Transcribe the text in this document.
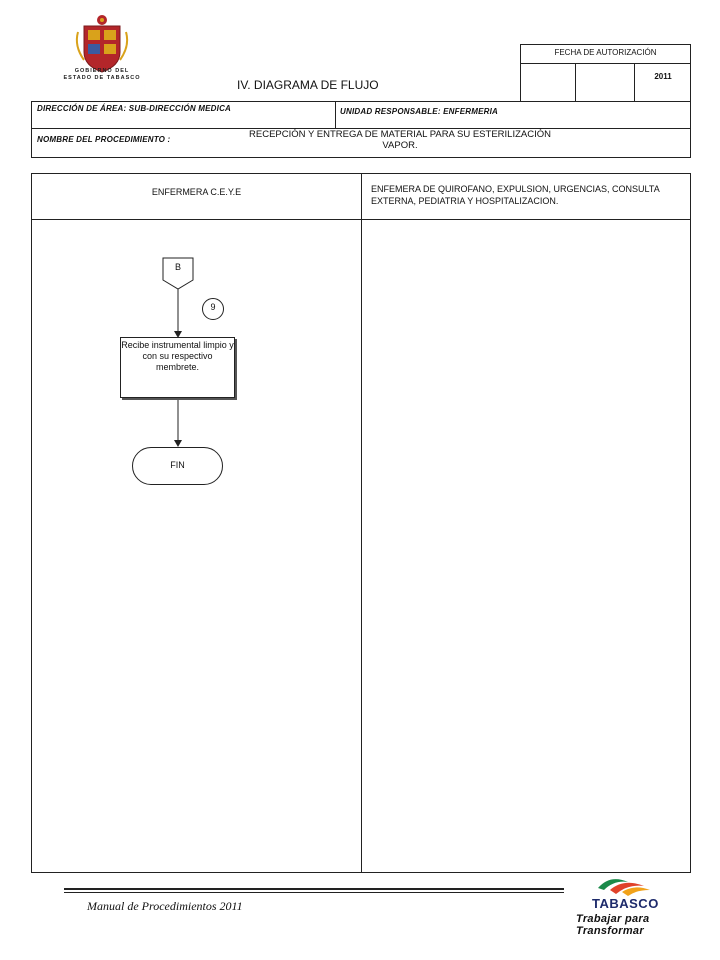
GOBIERNO DEL ESTADO DE TABASCO	IV. DIAGRAMA DE FLUJO
FECHA DE AUTORIZACIÓN
2011
DIRECCIÓN DE ÁREA: SUB-DIRECCIÓN MEDICA	UNIDAD RESPONSABLE: ENFERMERIA
NOMBRE DEL PROCEDIMIENTO :	RECEPCIÓN Y ENTREGA DE MATERIAL PARA SU ESTERILIZACIÓN VAPOR.
ENFERMERA C.E.Y.E	ENFEMERA DE QUIROFANO, EXPULSION, URGENCIAS, CONSULTA EXTERNA, PEDIATRIA Y HOSPITALIZACION.
B
9
Recibe instrumental limpio y con su respectivo membrete.
FIN
Manual de Procedimientos 2011	TABASCO
Trabajar para Transformar
